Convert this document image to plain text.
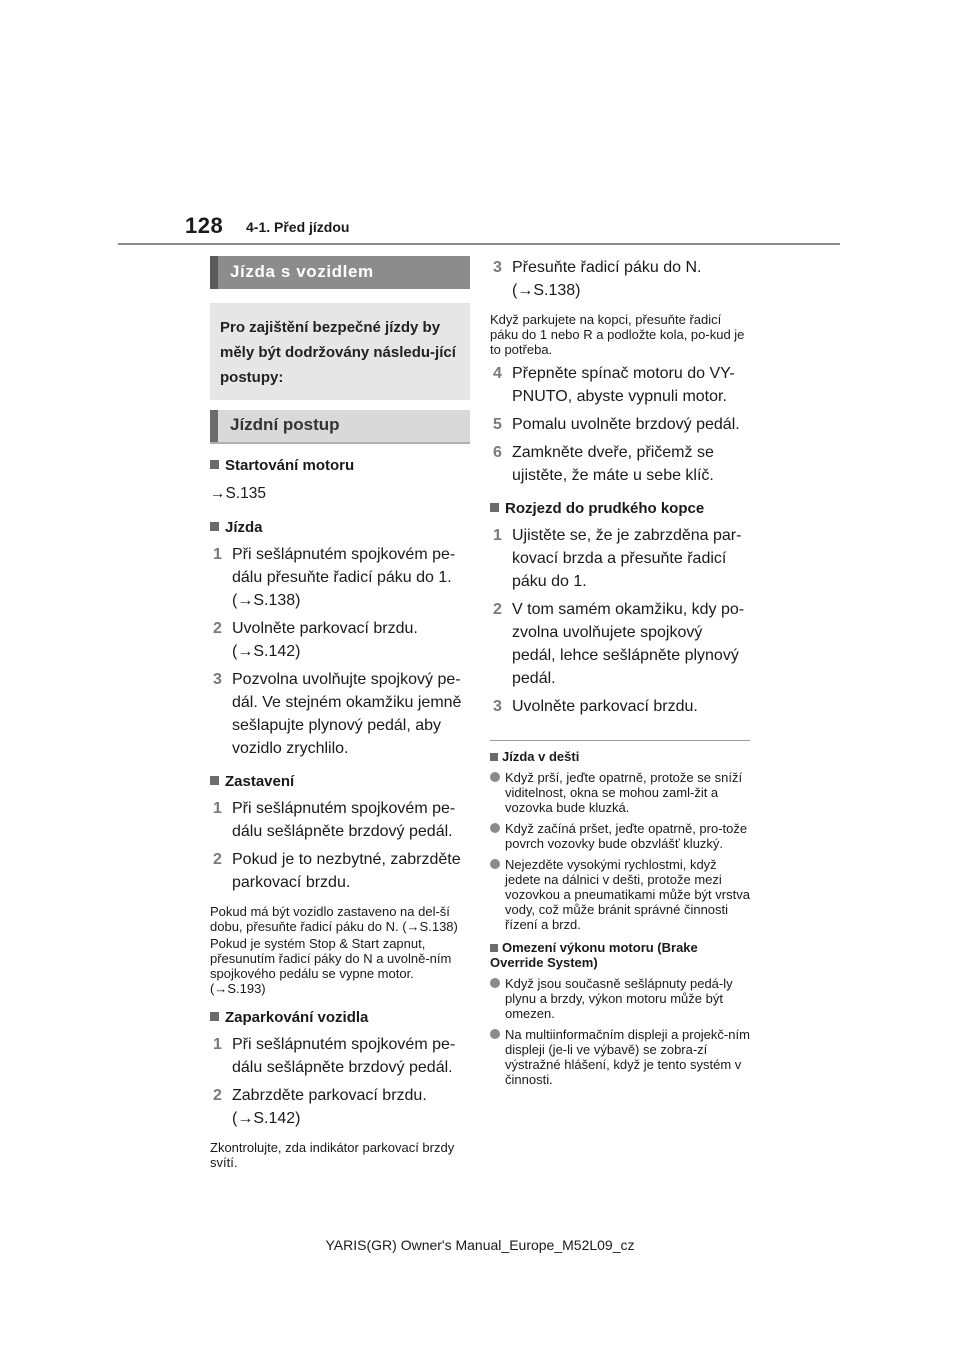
128 4-1. Před jízdou
Jízda s vozidlem
Pro zajištění bezpečné jízdy by měly být dodržovány následu-jící postupy:
Jízdní postup
Startování motoru
→S.135
Jízda
1 Při sešlápnutém spojkovém pe-dálu přesuňte řadicí páku do 1.
(→S.138)
2 Uvolněte parkovací brzdu.
(→S.142)
3 Pozvolna uvolňujte spojkový pe-dál. Ve stejném okamžiku jemně sešlapujte plynový pedál, aby vozidlo zrychlilo.
Zastavení
1 Při sešlápnutém spojkovém pe-dálu sešlápněte brzdový pedál.
2 Pokud je to nezbytné, zabrzděte parkovací brzdu.
Pokud má být vozidlo zastaveno na del-ší dobu, přesuňte řadicí páku do N. (→S.138)
Pokud je systém Stop & Start zapnut, přesunutím řadicí páky do N a uvolně-ním spojkového pedálu se vypne motor. (→S.193)
Zaparkování vozidla
1 Při sešlápnutém spojkovém pe-dálu sešlápněte brzdový pedál.
2 Zabrzděte parkovací brzdu.
(→S.142)
Zkontrolujte, zda indikátor parkovací brzdy svítí.
3 Přesuňte řadicí páku do N.
(→S.138)
Když parkujete na kopci, přesuňte řadicí páku do 1 nebo R a podložte kola, po-kud je to potřeba.
4 Přepněte spínač motoru do VY-PNUTO, abyste vypnuli motor.
5 Pomalu uvolněte brzdový pedál.
6 Zamkněte dveře, přičemž se ujistěte, že máte u sebe klíč.
Rozjezd do prudkého kopce
1 Ujistěte se, že je zabrzděna par-kovací brzda a přesuňte řadicí páku do 1.
2 V tom samém okamžiku, kdy po-zvolna uvolňujete spojkový pedál, lehce sešlápněte plynový pedál.
3 Uvolněte parkovací brzdu.
Jízda v dešti
Když prší, jeďte opatrně, protože se sníží viditelnost, okna se mohou zaml-žit a vozovka bude kluzká.
Když začíná pršet, jeďte opatrně, pro-tože povrch vozovky bude obzvlášť kluzký.
Nejezděte vysokými rychlostmi, když jedete na dálnici v dešti, protože mezi vozovkou a pneumatikami může být vrstva vody, což může bránit správné činnosti řízení a brzd.
Omezení výkonu motoru (Brake Override System)
Když jsou současně sešlápnuty pedá-ly plynu a brzdy, výkon motoru může být omezen.
Na multiinformačním displeji a projekč-ním displeji (je-li ve výbavě) se zobra-zí výstražné hlášení, když je tento systém v činnosti.
YARIS(GR) Owner's Manual_Europe_M52L09_cz
